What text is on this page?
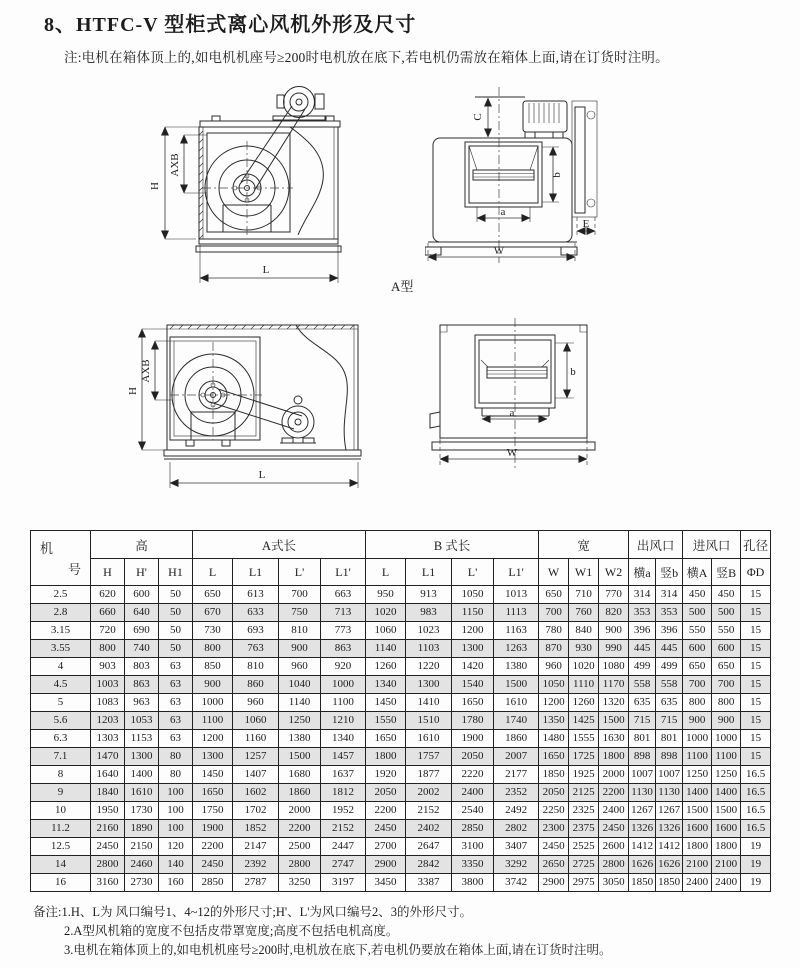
8、HTFC-V 型柜式离心风机外形及尺寸
注:电机在箱体顶上的,如电机机座号≥200时电机放在底下,若电机仍需放在箱体上面,请在订货时注明。
H
AXB
L
C
b
a
E
W
A型
H
AXB
L
b
a
W
机
号	高			A式长				B 式长				宽			出风口		进风口		孔径
	H	H'	H1	L	L1	L'	L1'	L	L1	L'	L1'	W	W1	W2	横a	竖b	横A	竖B	ΦD
2.5	620	600	50	650	613	700	663	950	913	1050	1013	650	710	770	314	314	450	450	15
2.8	660	640	50	670	633	750	713	1020	983	1150	1113	700	760	820	353	353	500	500	15
3.15	720	690	50	730	693	810	773	1060	1023	1200	1163	780	840	900	396	396	550	550	15
3.55	800	740	50	800	763	900	863	1140	1103	1300	1263	870	930	990	445	445	600	600	15
4	903	803	63	850	810	960	920	1260	1220	1420	1380	960	1020	1080	499	499	650	650	15
4.5	1003	863	63	900	860	1040	1000	1340	1300	1540	1500	1050	1110	1170	558	558	700	700	15
5	1083	963	63	1000	960	1140	1100	1450	1410	1650	1610	1200	1260	1320	635	635	800	800	15
5.6	1203	1053	63	1100	1060	1250	1210	1550	1510	1780	1740	1350	1425	1500	715	715	900	900	15
6.3	1303	1153	63	1200	1160	1380	1340	1650	1610	1900	1860	1480	1555	1630	801	801	1000	1000	15
7.1	1470	1300	80	1300	1257	1500	1457	1800	1757	2050	2007	1650	1725	1800	898	898	1100	1100	15
8	1640	1400	80	1450	1407	1680	1637	1920	1877	2220	2177	1850	1925	2000	1007	1007	1250	1250	16.5
9	1840	1610	100	1650	1602	1860	1812	2050	2002	2400	2352	2050	2125	2200	1130	1130	1400	1400	16.5
10	1950	1730	100	1750	1702	2000	1952	2200	2152	2540	2492	2250	2325	2400	1267	1267	1500	1500	16.5
11.2	2160	1890	100	1900	1852	2200	2152	2450	2402	2850	2802	2300	2375	2450	1326	1326	1600	1600	16.5
12.5	2450	2150	120	2200	2147	2500	2447	2700	2647	3100	3407	2450	2525	2600	1412	1412	1800	1800	19
14	2800	2460	140	2450	2392	2800	2747	2900	2842	3350	3292	2650	2725	2800	1626	1626	2100	2100	19
16	3160	2730	160	2850	2787	3250	3197	3450	3387	3800	3742	2900	2975	3050	1850	1850	2400	2400	19
备注:1.H、L为 风口编号1、4~12的外形尺寸;H'、L'为风口编号2、3的外形尺寸。
2.A型风机箱的宽度不包括皮带罩宽度;高度不包括电机高度。
3.电机在箱体顶上的,如电机机座号≥200时,电机放在底下,若电机仍要放在箱体上面,请在订货时注明。
